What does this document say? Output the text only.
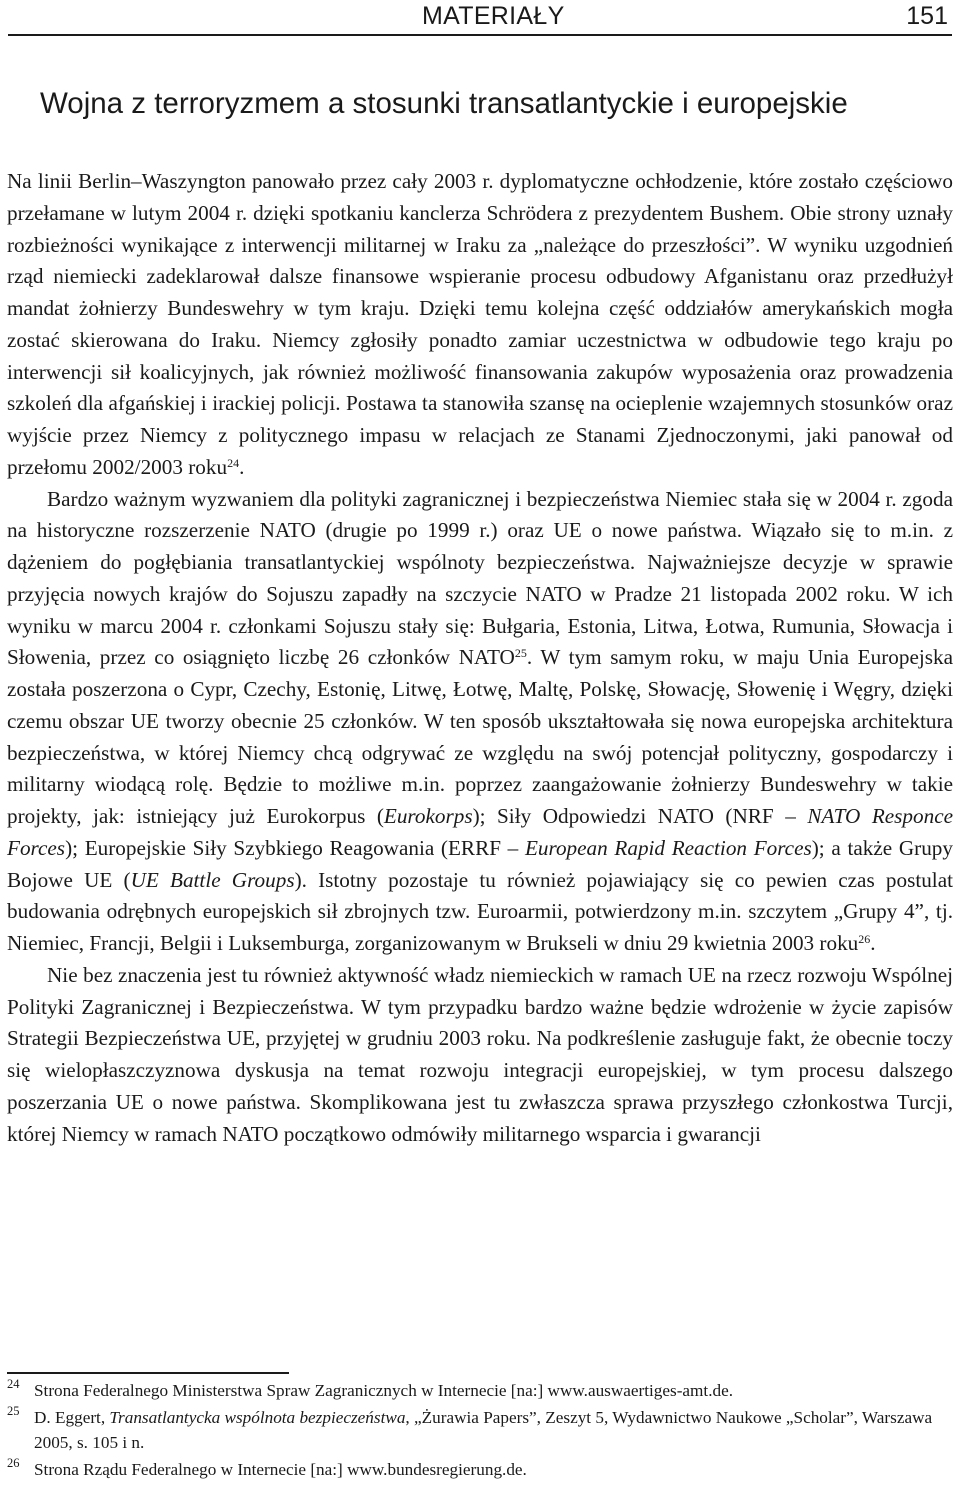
MATERIAŁY	151
Wojna z terroryzmem a stosunki transatlantyckie i europejskie

Na linii Berlin–Waszyngton panowało przez cały 2003 r. dyplomatyczne ochłodzenie, które zostało częściowo przełamane w lutym 2004 r. dzięki spotkaniu kanclerza Schrödera z prezydentem Bushem. Obie strony uznały rozbieżności wynikające z interwencji militarnej w Iraku za „należące do przeszłości”. W wyniku uzgodnień rząd niemiecki zadeklarował dalsze finansowe wspieranie procesu odbudowy Afganistanu oraz przedłużył mandat żołnierzy Bundeswehry w tym kraju. Dzięki temu kolejna część oddziałów amerykańskich mogła zostać skierowana do Iraku. Niemcy zgłosiły ponadto zamiar uczestnictwa w odbudowie tego kraju po interwencji sił koalicyjnych, jak również możliwość finansowania zakupów wyposażenia oraz prowadzenia szkoleń dla afgańskiej i irackiej policji. Postawa ta stanowiła szansę na ocieplenie wzajemnych stosunków oraz wyjście przez Niemcy z politycznego impasu w relacjach ze Stanami Zjednoczonymi, jaki panował od przełomu 2002/2003 roku$^{24}$.

Bardzo ważnym wyzwaniem dla polityki zagranicznej i bezpieczeństwa Niemiec stała się w 2004 r. zgoda na historyczne rozszerzenie NATO (drugie po 1999 r.) oraz UE o nowe państwa. Wiązało się to m.in. z dążeniem do pogłębiania transatlantyckiej wspólnoty bezpieczeństwa. Najważniejsze decyzje w sprawie przyjęcia nowych krajów do Sojuszu zapadły na szczycie NATO w Pradze 21 listopada 2002 roku. W ich wyniku w marcu 2004 r. członkami Sojuszu stały się: Bułgaria, Estonia, Litwa, Łotwa, Rumunia, Słowacja i Słowenia, przez co osiągnięto liczbę 26 członków NATO$^{25}$. W tym samym roku, w maju Unia Europejska została poszerzona o Cypr, Czechy, Estonię, Litwę, Łotwę, Maltę, Polskę, Słowację, Słowenię i Węgry, dzięki czemu obszar UE tworzy obecnie 25 członków. W ten sposób ukształtowała się nowa europejska architektura bezpieczeństwa, w której Niemcy chcą odgrywać ze względu na swój potencjał polityczny, gospodarczy i militarny wiodącą rolę. Będzie to możliwe m.in. poprzez zaangażowanie żołnierzy Bundeswehry w takie projekty, jak: istniejący już Eurokorpus (Eurokorps); Siły Odpowiedzi NATO (NRF – NATO Responce Forces); Europejskie Siły Szybkiego Reagowania (ERRF – European Rapid Reaction Forces); a także Grupy Bojowe UE (UE Battle Groups). Istotny pozostaje tu również pojawiający się co pewien czas postulat budowania odrębnych europejskich sił zbrojnych tzw. Euroarmii, potwierdzony m.in. szczytem „Grupy 4”, tj. Niemiec, Francji, Belgii i Luksemburga, zorganizowanym w Brukseli w dniu 29 kwietnia 2003 roku$^{26}$.

Nie bez znaczenia jest tu również aktywność władz niemieckich w ramach UE na rzecz rozwoju Wspólnej Polityki Zagranicznej i Bezpieczeństwa. W tym przypadku bardzo ważne będzie wdrożenie w życie zapisów Strategii Bezpieczeństwa UE, przyjętej w grudniu 2003 roku. Na podkreślenie zasługuje fakt, że obecnie toczy się wielopłaszczyznowa dyskusja na temat rozwoju integracji europejskiej, w tym procesu dalszego poszerzania UE o nowe państwa. Skomplikowana jest tu zwłaszcza sprawa przyszłego członkostwa Turcji, której Niemcy w ramach NATO początkowo odmówiły militarnego wsparcia i gwarancji

24 Strona Federalnego Ministerstwa Spraw Zagranicznych w Internecie [na:] www.auswaertiges-amt.de.
25 D. Eggert, Transatlantycka wspólnota bezpieczeństwa, „Żurawia Papers”, Zeszyt 5, Wydawnictwo Naukowe „Scholar”, Warszawa 2005, s. 105 i n.
26 Strona Rządu Federalnego w Internecie [na:] www.bundesregierung.de.
